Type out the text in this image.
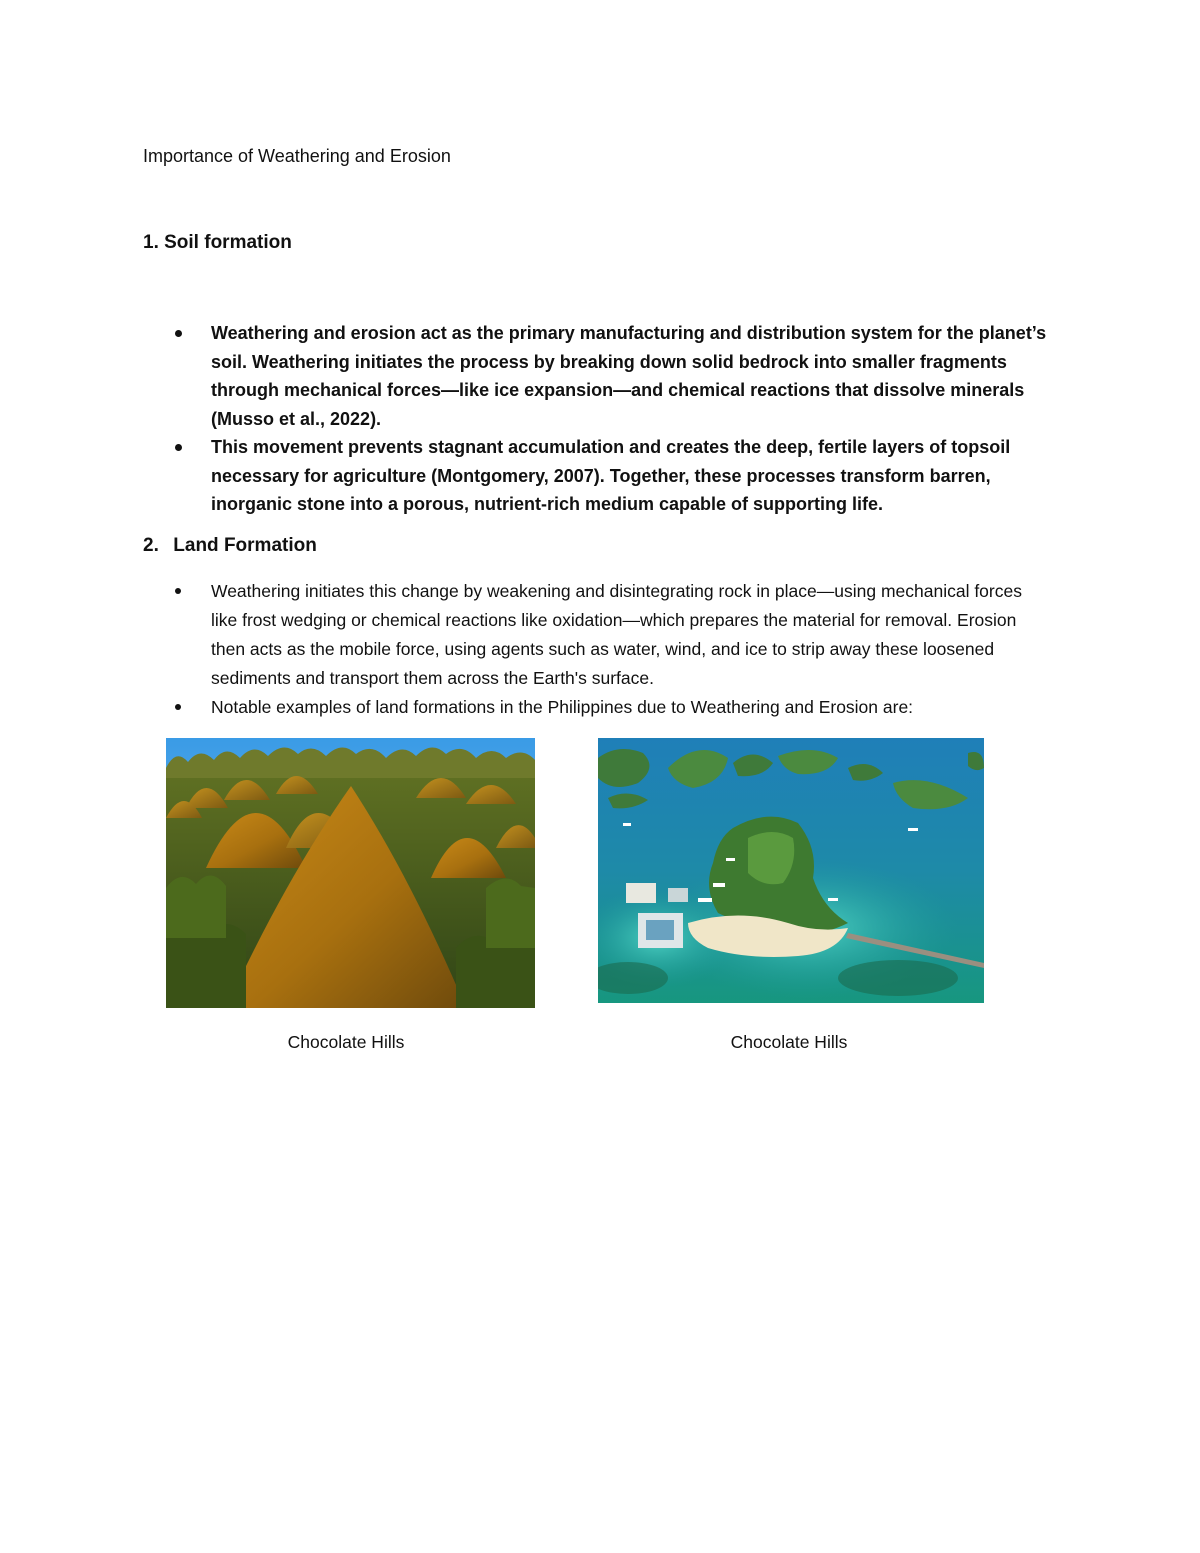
Importance of Weathering and Erosion
1. Soil formation
Weathering and erosion act as the primary manufacturing and distribution system for the planet’s soil. Weathering initiates the process by breaking down solid bedrock into smaller fragments through mechanical forces—like ice expansion—and chemical reactions that dissolve minerals (Musso et al., 2022).
This movement prevents stagnant accumulation and creates the deep, fertile layers of topsoil necessary for agriculture (Montgomery, 2007). Together, these processes transform barren, inorganic stone into a porous, nutrient-rich medium capable of supporting life.
2. Land Formation
Weathering initiates this change by weakening and disintegrating rock in place—using mechanical forces like frost wedging or chemical reactions like oxidation—which prepares the material for removal. Erosion then acts as the mobile force, using agents such as water, wind, and ice to strip away these loosened sediments and transport them across the Earth's surface.
Notable examples of land formations in the Philippines due to Weathering and Erosion are:
Chocolate Hills	Chocolate Hills
